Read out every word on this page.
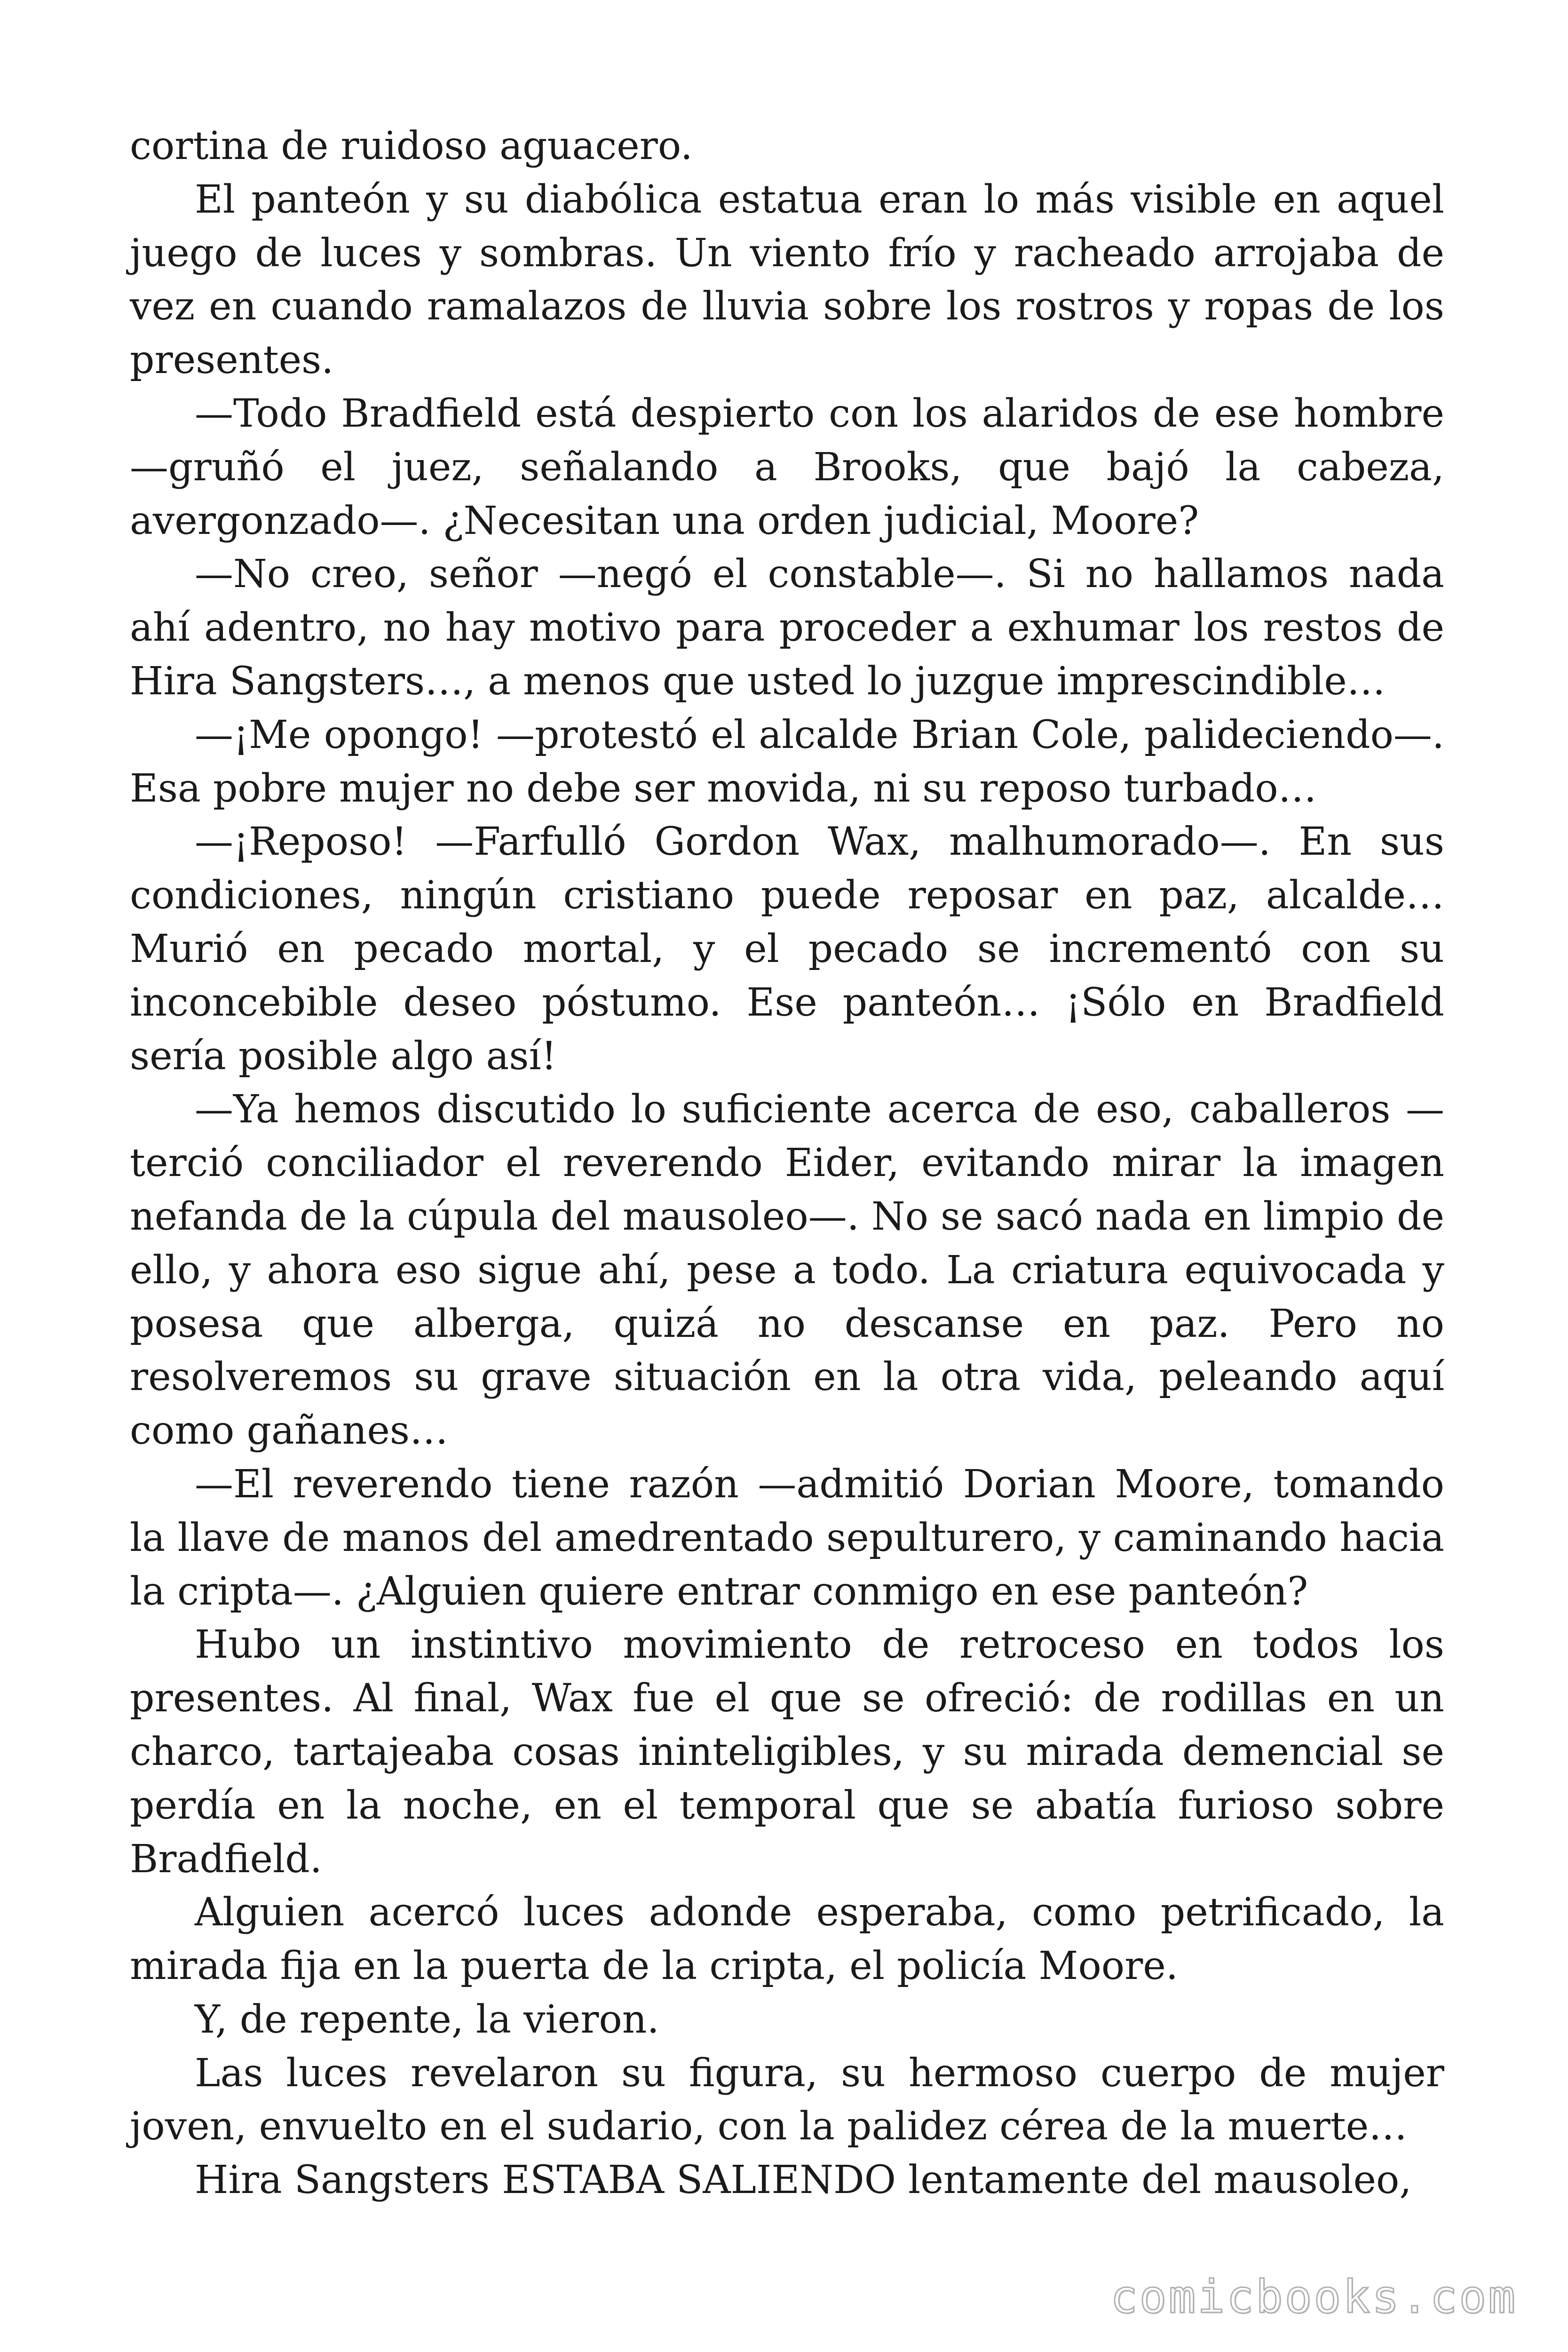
cortina de ruidoso aguacero.

El panteón y su diabólica estatua eran lo más visible en aquel juego de luces y sombras. Un viento frío y racheado arrojaba de vez en cuando ramalazos de lluvia sobre los rostros y ropas de los presentes.

—Todo Bradfield está despierto con los alaridos de ese hombre —gruñó el juez, señalando a Brooks, que bajó la cabeza, avergonzado—. ¿Necesitan una orden judicial, Moore?

—No creo, señor —negó el constable—. Si no hallamos nada ahí adentro, no hay motivo para proceder a exhumar los restos de Hira Sangsters…, a menos que usted lo juzgue imprescindible…

—¡Me opongo! —protestó el alcalde Brian Cole, palideciendo—. Esa pobre mujer no debe ser movida, ni su reposo turbado…

—¡Reposo! —Farfulló Gordon Wax, malhumorado—. En sus condiciones, ningún cristiano puede reposar en paz, alcalde… Murió en pecado mortal, y el pecado se incrementó con su inconcebible deseo póstumo. Ese panteón… ¡Sólo en Bradfield sería posible algo así!

—Ya hemos discutido lo suficiente acerca de eso, caballeros —terció conciliador el reverendo Eider, evitando mirar la imagen nefanda de la cúpula del mausoleo—. No se sacó nada en limpio de ello, y ahora eso sigue ahí, pese a todo. La criatura equivocada y posesa que alberga, quizá no descanse en paz. Pero no resolveremos su grave situación en la otra vida, peleando aquí como gañanes…

—El reverendo tiene razón —admitió Dorian Moore, tomando la llave de manos del amedrentado sepulturero, y caminando hacia la cripta—. ¿Alguien quiere entrar conmigo en ese panteón?

Hubo un instintivo movimiento de retroceso en todos los presentes. Al final, Wax fue el que se ofreció: de rodillas en un charco, tartajeaba cosas ininteligibles, y su mirada demencial se perdía en la noche, en el temporal que se abatía furioso sobre Bradfield.

Alguien acercó luces adonde esperaba, como petrificado, la mirada fija en la puerta de la cripta, el policía Moore.

Y, de repente, la vieron.

Las luces revelaron su figura, su hermoso cuerpo de mujer joven, envuelto en el sudario, con la palidez cérea de la muerte…

Hira Sangsters ESTABA SALIENDO lentamente del mausoleo,

comicbooks.com
